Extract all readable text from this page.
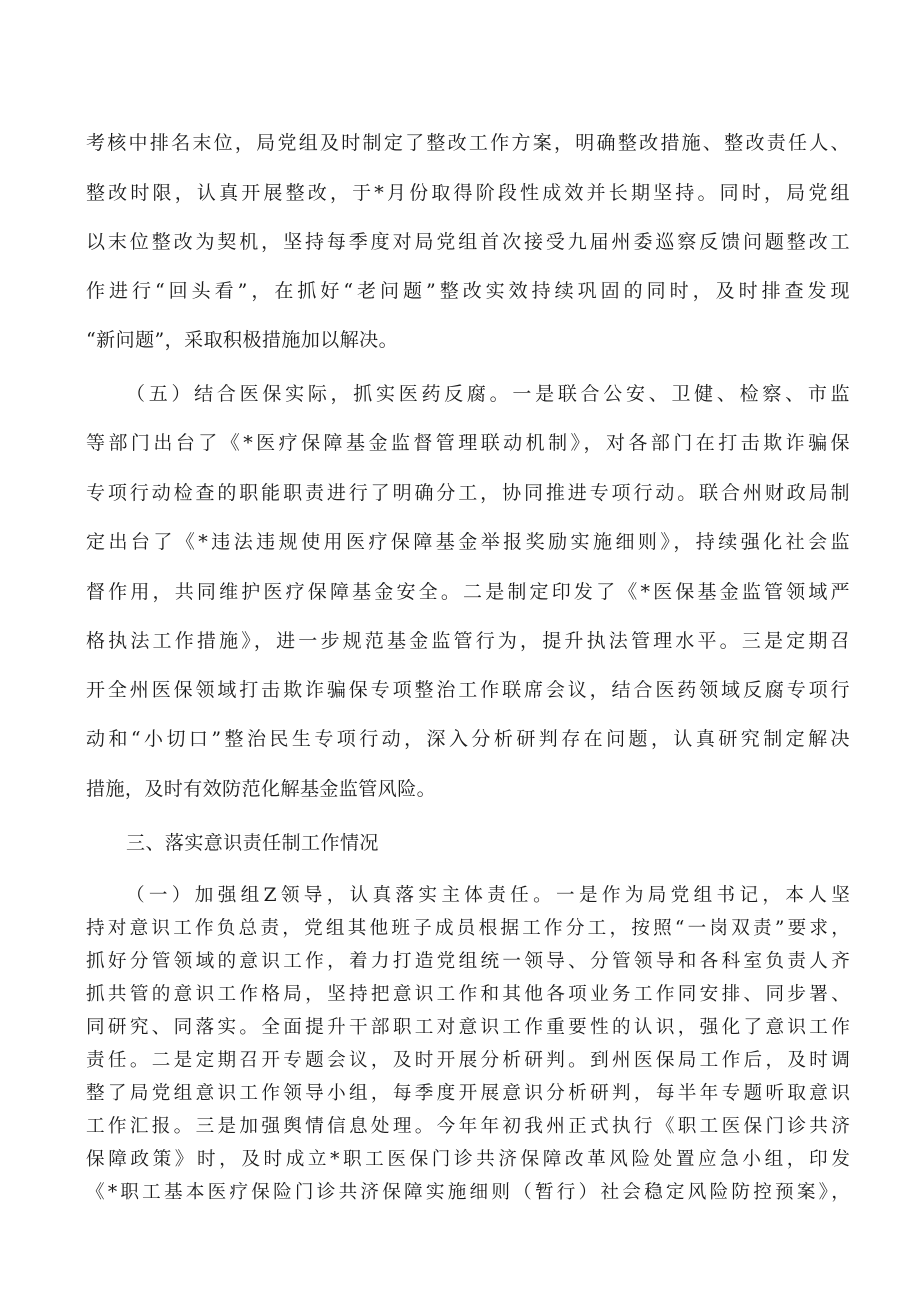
考核中排名末位，局党组及时制定了整改工作方案，明确整改措施、整改责任人、
整改时限，认真开展整改，于*月份取得阶段性成效并长期坚持。同时，局党组
以末位整改为契机，坚持每季度对局党组首次接受九届州委巡察反馈问题整改工
作进行“回头看”，在抓好“老问题”整改实效持续巩固的同时，及时排查发现
“新问题”，采取积极措施加以解决。
（五）结合医保实际，抓实医药反腐。一是联合公安、卫健、检察、市监
等部门出台了《*医疗保障基金监督管理联动机制》，对各部门在打击欺诈骗保
专项行动检查的职能职责进行了明确分工，协同推进专项行动。联合州财政局制
定出台了《*违法违规使用医疗保障基金举报奖励实施细则》，持续强化社会监
督作用，共同维护医疗保障基金安全。二是制定印发了《*医保基金监管领域严
格执法工作措施》，进一步规范基金监管行为，提升执法管理水平。三是定期召
开全州医保领域打击欺诈骗保专项整治工作联席会议，结合医药领域反腐专项行
动和“小切口”整治民生专项行动，深入分析研判存在问题，认真研究制定解决
措施，及时有效防范化解基金监管风险。
三、落实意识责任制工作情况
（一）加强组Z领导，认真落实主体责任。一是作为局党组书记，本人坚
持对意识工作负总责，党组其他班子成员根据工作分工，按照“一岗双责”要求，
抓好分管领域的意识工作，着力打造党组统一领导、分管领导和各科室负责人齐
抓共管的意识工作格局，坚持把意识工作和其他各项业务工作同安排、同步署、
同研究、同落实。全面提升干部职工对意识工作重要性的认识，强化了意识工作
责任。二是定期召开专题会议，及时开展分析研判。到州医保局工作后，及时调
整了局党组意识工作领导小组，每季度开展意识分析研判，每半年专题听取意识
工作汇报。三是加强舆情信息处理。今年年初我州正式执行《职工医保门诊共济
保障政策》时，及时成立*职工医保门诊共济保障改革风险处置应急小组，印发
《*职工基本医疗保险门诊共济保障实施细则（暂行）社会稳定风险防控预案》，
